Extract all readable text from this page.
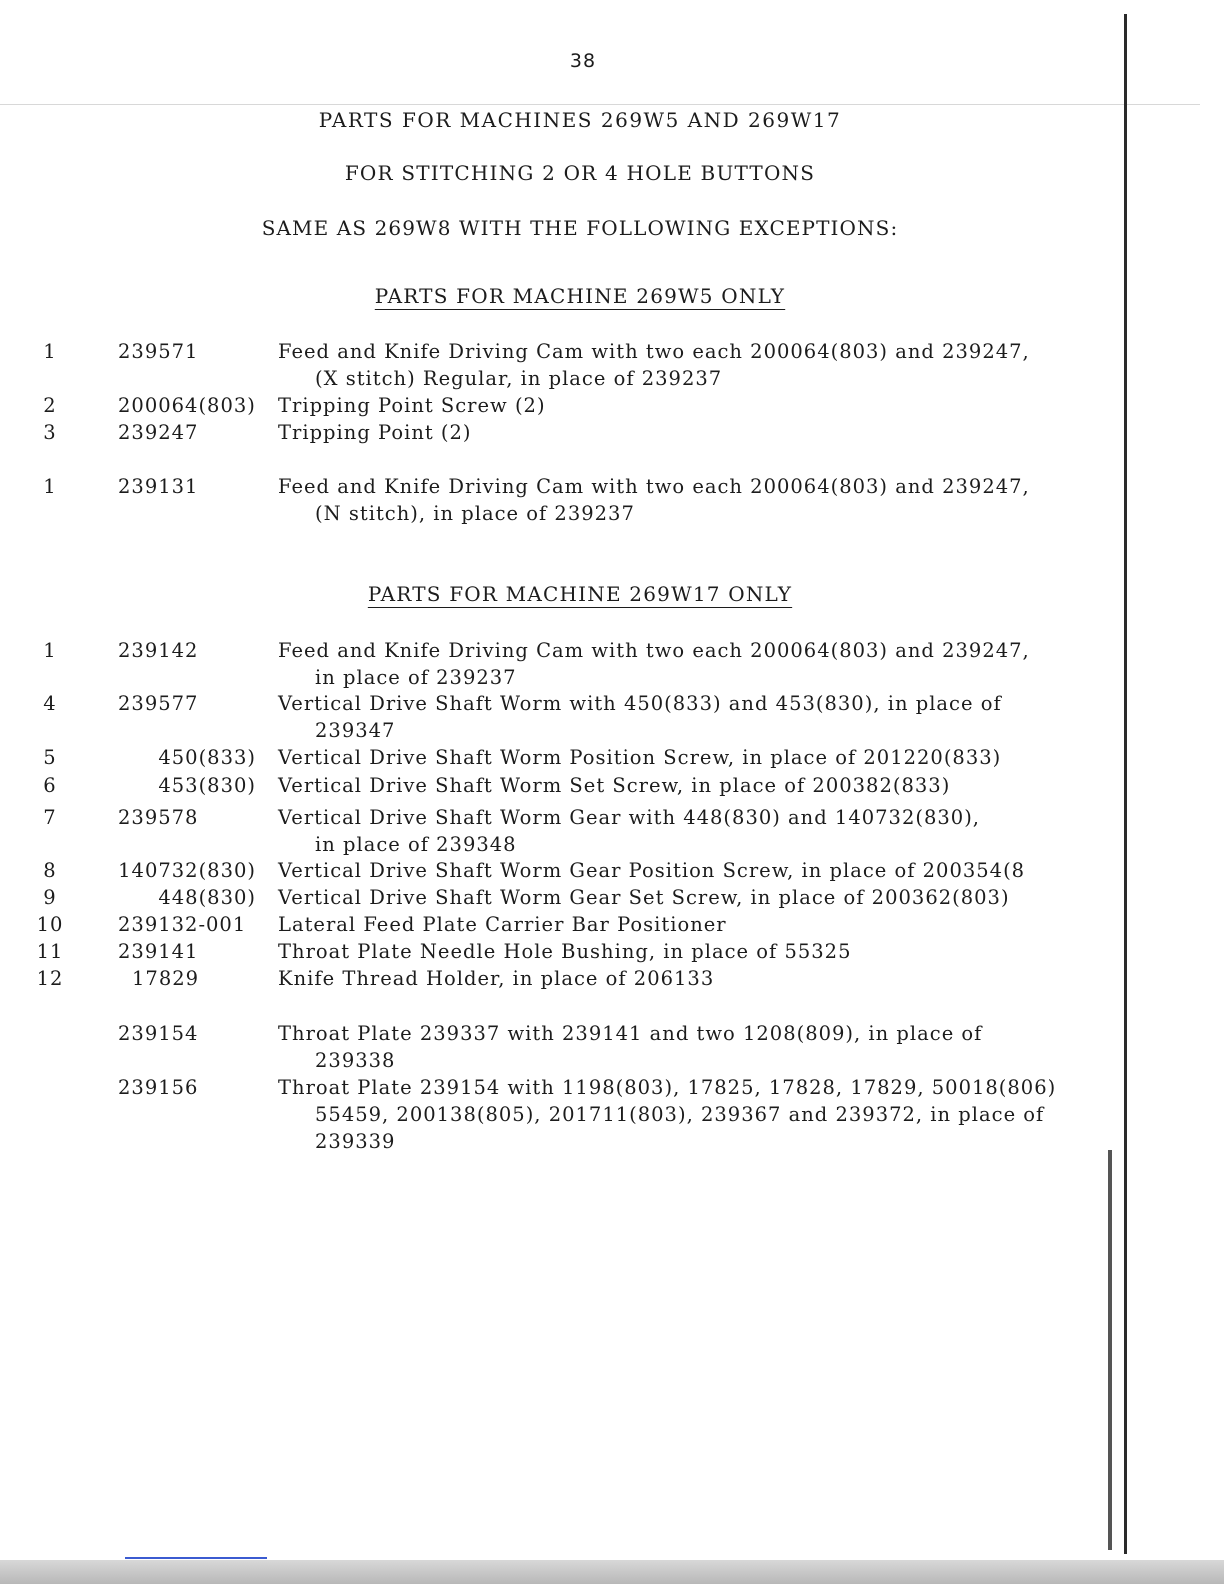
38
PARTS FOR MACHINES 269W5 AND 269W17
FOR STITCHING 2 OR 4 HOLE BUTTONS
SAME AS 269W8 WITH THE FOLLOWING EXCEPTIONS:
PARTS FOR MACHINE 269W5 ONLY
1	239571	Feed and Knife Driving Cam with two each 200064(803) and 239247,
(X stitch) Regular, in place of 239237
2	200064(803)	Tripping Point Screw (2)
3	239247	Tripping Point (2)
1	239131	Feed and Knife Driving Cam with two each 200064(803) and 239247,
(N stitch), in place of 239237
PARTS FOR MACHINE 269W17 ONLY
1	239142	Feed and Knife Driving Cam with two each 200064(803) and 239247,
in place of 239237
4	239577	Vertical Drive Shaft Worm with 450(833) and 453(830), in place of
239347
5	450(833) Vertical Drive Shaft Worm Position Screw, in place of 201220(833)
6	453(830) Vertical Drive Shaft Worm Set Screw, in place of 200382(833)
7	239578	Vertical Drive Shaft Worm Gear with 448(830) and 140732(830),
in place of 239348
8	140732(830) Vertical Drive Shaft Worm Gear Position Screw, in place of 200354(8
9	448(830) Vertical Drive Shaft Worm Gear Set Screw, in place of 200362(803)
10	239132-001	Lateral Feed Plate Carrier Bar Positioner
11	239141	Throat Plate Needle Hole Bushing, in place of 55325
12	17829	Knife Thread Holder, in place of 206133
239154	Throat Plate 239337 with 239141 and two 1208(809), in place of
239338
239156	Throat Plate 239154 with 1198(803), 17825, 17828, 17829, 50018(806)
55459, 200138(805), 201711(803), 239367 and 239372, in place of
239339
